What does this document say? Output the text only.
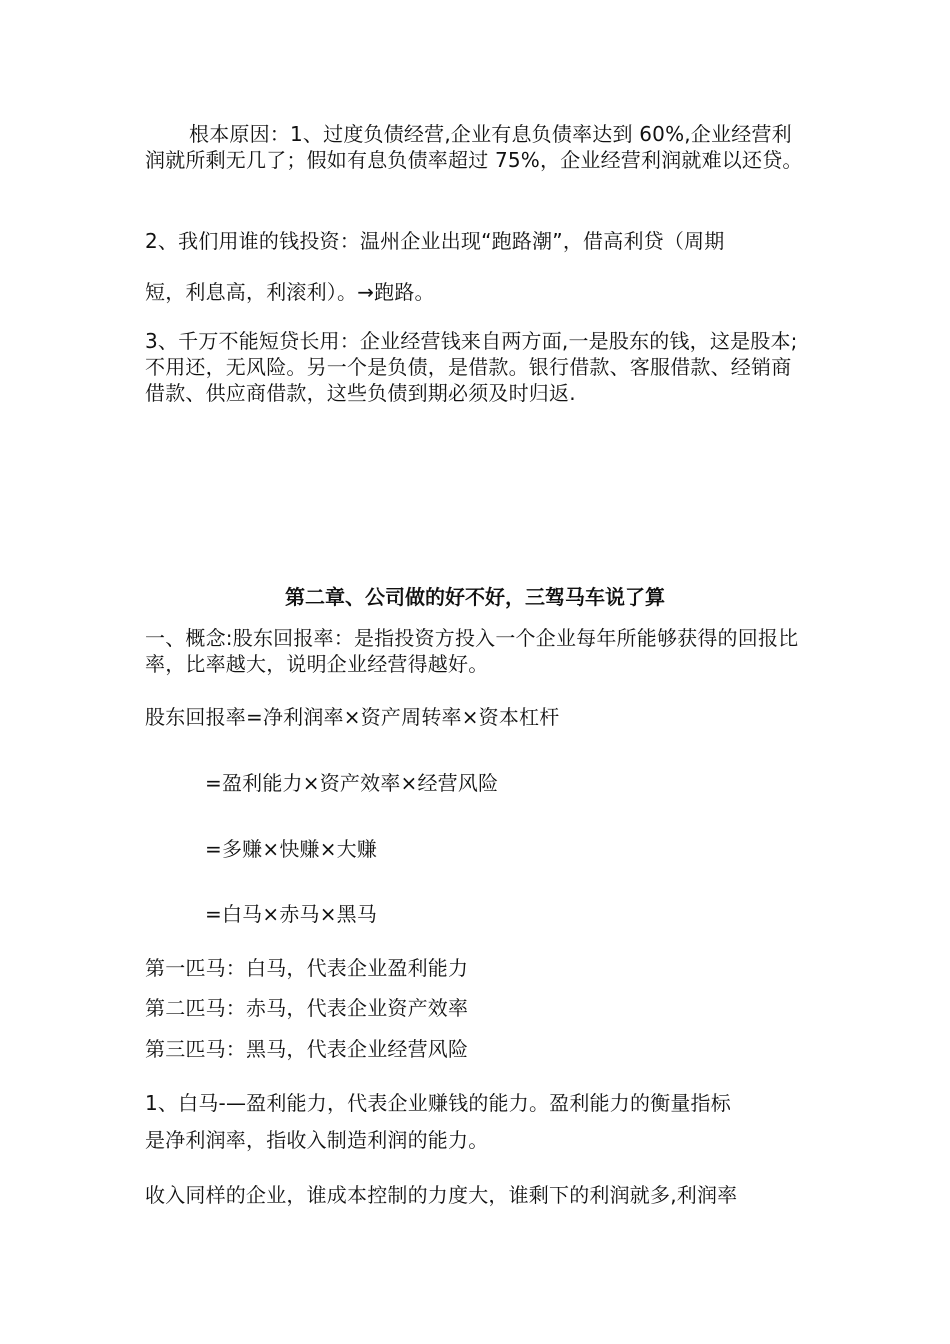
根本原因：1、过度负债经营,企业有息负债率达到 60%,企业经营利润就所剩无几了；假如有息负债率超过 75%，企业经营利润就难以还贷。
2、我们用谁的钱投资：温州企业出现“跑路潮”，借高利贷（周期
短，利息高，利滚利）。→跑路。
3、千万不能短贷长用：企业经营钱来自两方面,一是股东的钱，这是股本;不用还，无风险。另一个是负债，是借款。银行借款、客服借款、经销商借款、供应商借款，这些负债到期必须及时归返.
第二章、公司做的好不好，三驾马车说了算
一、概念:股东回报率：是指投资方投入一个企业每年所能够获得的回报比率，比率越大，说明企业经营得越好。
股东回报率=净利润率×资产周转率×资本杠杆
=盈利能力×资产效率×经营风险
=多赚×快赚×大赚
=白马×赤马×黑马
第一匹马：白马，代表企业盈利能力
第二匹马：赤马，代表企业资产效率
第三匹马：黑马，代表企业经营风险
1、白马-—盈利能力，代表企业赚钱的能力。盈利能力的衡量指标
是净利润率，指收入制造利润的能力。
收入同样的企业，谁成本控制的力度大，谁剩下的利润就多,利润率
